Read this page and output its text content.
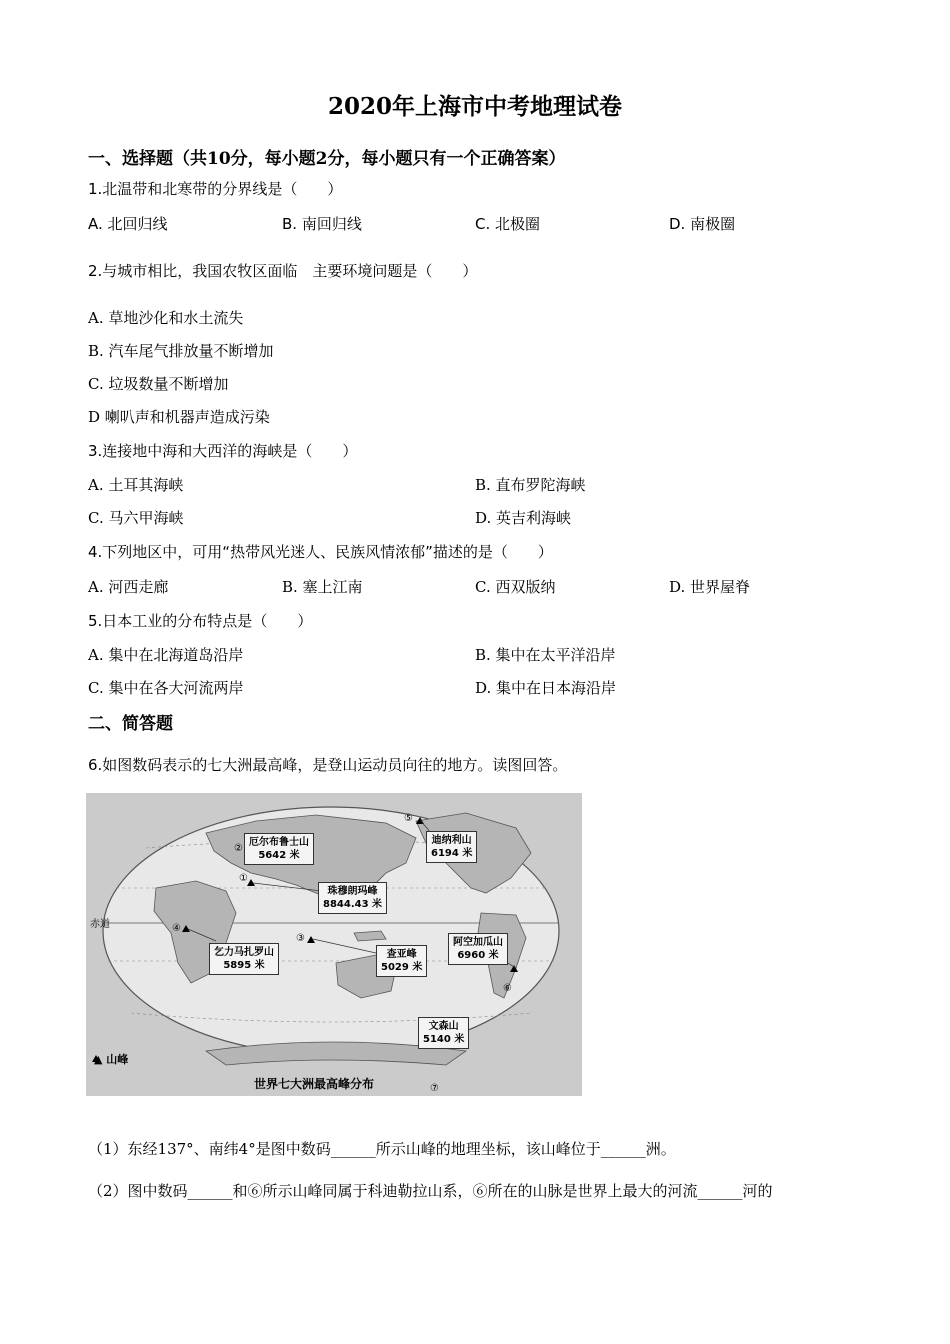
2020年上海市中考地理试卷
一、选择题（共10分，每小题2分，每小题只有一个正确答案）
1.北温带和北寒带的分界线是（　　）
A. 北回归线	B. 南回归线	C. 北极圈	D. 南极圈
2.与城市相比，我国农牧区面临　主要环境问题是（　　）
A. 草地沙化和水土流失
B. 汽车尾气排放量不断增加
C. 垃圾数量不断增加
D 喇叭声和机器声造成污染
3.连接地中海和大西洋的海峡是（　　）
A. 土耳其海峡	B. 直布罗陀海峡
C. 马六甲海峡	D. 英吉利海峡
4.下列地区中，可用“热带风光迷人、民族风情浓郁”描述的是（　　）
A. 河西走廊	B. 塞上江南	C. 西双版纳	D. 世界屋脊
5.日本工业的分布特点是（　　）
A. 集中在北海道岛沿岸	B. 集中在太平洋沿岸
C. 集中在各大河流两岸	D. 集中在日本海沿岸
二、简答题
6.如图数码表示的七大洲最高峰，是登山运动员向往的地方。读图回答。
赤道
②
⑤
①
④
③
⑥
⑦
厄尔布鲁士山
5642 米
迪纳利山
6194 米
珠穆朗玛峰
8844.43 米
乞力马扎罗山
5895 米
查亚峰
5029 米
阿空加瓜山
6960 米
文森山
5140 米
▲ 山峰
世界七大洲最高峰分布
（1）东经137°、南纬4°是图中数码______所示山峰的地理坐标，该山峰位于______洲。
（2）图中数码______和⑥所示山峰同属于科迪勒拉山系，⑥所在的山脉是世界上最大的河流______河的
